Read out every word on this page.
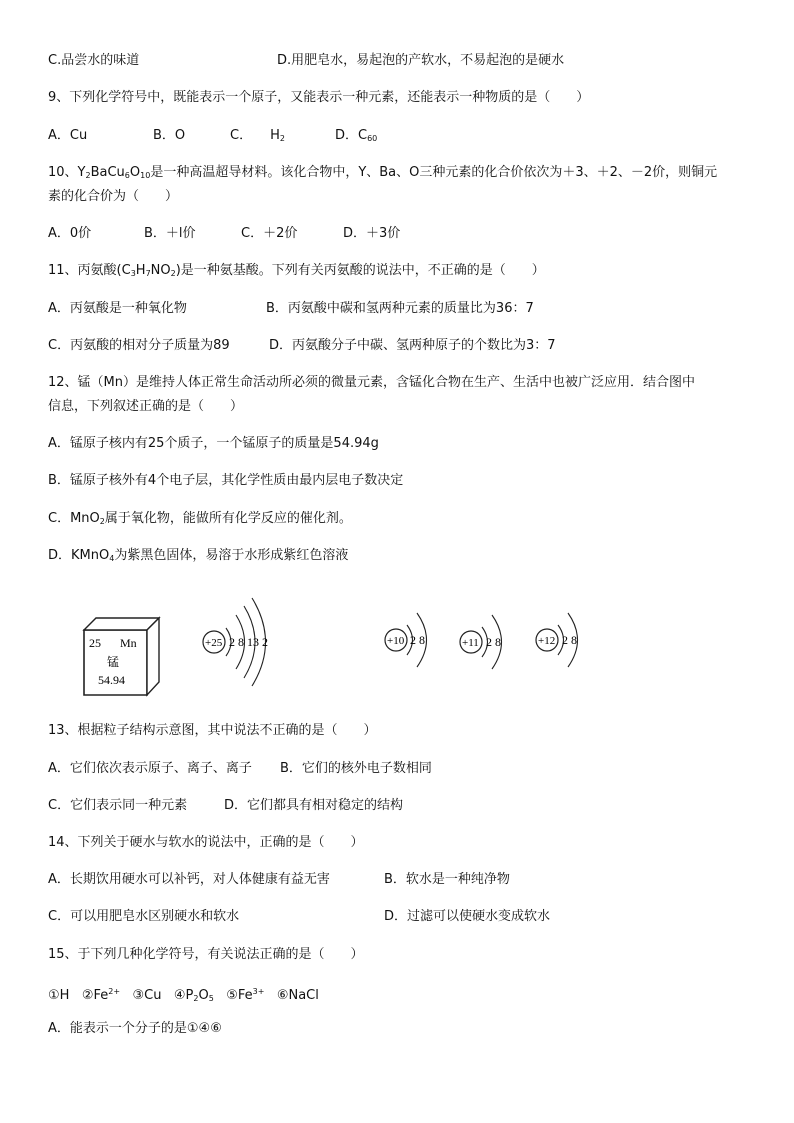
C.品尝水的味道	D.用肥皂水，易起泡的产软水，不易起泡的是硬水
9、下列化学符号中，既能表示一个原子，又能表示一种元素，还能表示一种物质的是（　　）
A．Cu	B．O	C． $H_2$	D．$C_{60}$
10、$Y_2BaCu_6O_{10}$是一种高温超导材料。该化合物中，Y、Ba、O三种元素的化合价依次为＋3、＋2、－2价，则铜元
素的化合价为（　　）
A．0价	B．＋l价	C．＋2价	D．＋3价
11、丙氨酸$(C_3H_7NO_2)$是一种氨基酸。下列有关丙氨酸的说法中，不正确的是（　　）
A．丙氨酸是一种氧化物	B．丙氨酸中碳和氢两种元素的质量比为36：7
C．丙氨酸的相对分子质量为89	D．丙氨酸分子中碳、氢两种原子的个数比为3：7
12、锰（Mn）是维持人体正常生命活动所必须的微量元素，含锰化合物在生产、生活中也被广泛应用．结合图中
信息，下列叙述正确的是（　　）
A．锰原子核内有25个质子，一个锰原子的质量是54.94g
B．锰原子核外有4个电子层，其化学性质由最内层电子数决定
C．MnO$_2$属于氧化物，能做所有化学反应的催化剂。
D．KMnO$_4$为紫黑色固体，易溶于水形成紫红色溶液
25 Mn
锰
54.94
+25 2 8 13 2	+10 2 8	+11 2 8	+12 2 8
13、根据粒子结构示意图，其中说法不正确的是（　　）
A．它们依次表示原子、离子、离子 B．它们的核外电子数相同
C．它们表示同一种元素	D．它们都具有相对稳定的结构
14、下列关于硬水与软水的说法中，正确的是（　　）
A．长期饮用硬水可以补钙，对人体健康有益无害	B．软水是一种纯净物
C．可以用肥皂水区别硬水和软水	D．过滤可以使硬水变成软水
15、于下列几种化学符号，有关说法正确的是（　　）
①H $②Fe^{2+}$ ③Cu $④P_2O_5$ $⑤Fe^{3+}$ ⑥NaCl
A．能表示一个分子的是①④⑥
